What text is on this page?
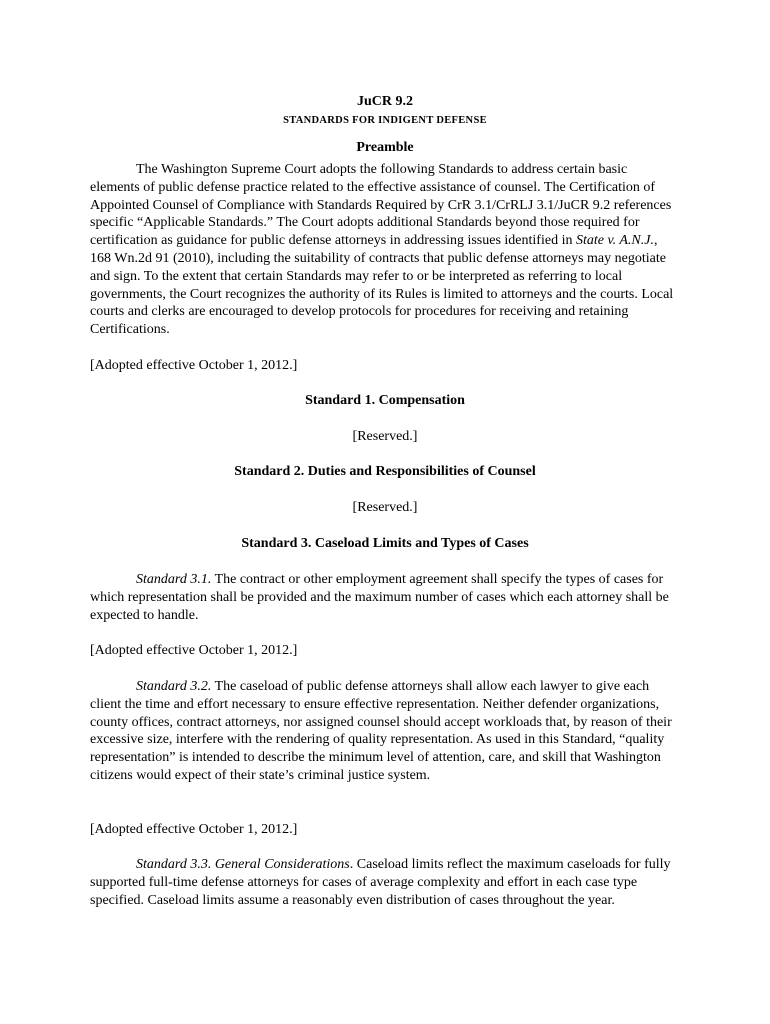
JuCR 9.2

STANDARDS FOR INDIGENT DEFENSE

Preamble

The Washington Supreme Court adopts the following Standards to address certain basic elements of public defense practice related to the effective assistance of counsel. The Certification of Appointed Counsel of Compliance with Standards Required by CrR 3.1/CrRLJ 3.1/JuCR 9.2 references specific “Applicable Standards.” The Court adopts additional Standards beyond those required for certification as guidance for public defense attorneys in addressing issues identified in State v. A.N.J., 168 Wn.2d 91 (2010), including the suitability of contracts that public defense attorneys may negotiate and sign. To the extent that certain Standards may refer to or be interpreted as referring to local governments, the Court recognizes the authority of its Rules is limited to attorneys and the courts. Local courts and clerks are encouraged to develop protocols for procedures for receiving and retaining Certifications.

[Adopted effective October 1, 2012.]

Standard 1. Compensation

[Reserved.]

Standard 2. Duties and Responsibilities of Counsel

[Reserved.]

Standard 3. Caseload Limits and Types of Cases

Standard 3.1. The contract or other employment agreement shall specify the types of cases for which representation shall be provided and the maximum number of cases which each attorney shall be expected to handle.

[Adopted effective October 1, 2012.]

Standard 3.2. The caseload of public defense attorneys shall allow each lawyer to give each client the time and effort necessary to ensure effective representation. Neither defender organizations, county offices, contract attorneys, nor assigned counsel should accept workloads that, by reason of their excessive size, interfere with the rendering of quality representation. As used in this Standard, “quality representation” is intended to describe the minimum level of attention, care, and skill that Washington citizens would expect of their state’s criminal justice system.

[Adopted effective October 1, 2012.]

Standard 3.3. General Considerations. Caseload limits reflect the maximum caseloads for fully supported full-time defense attorneys for cases of average complexity and effort in each case type specified. Caseload limits assume a reasonably even distribution of cases throughout the year.
